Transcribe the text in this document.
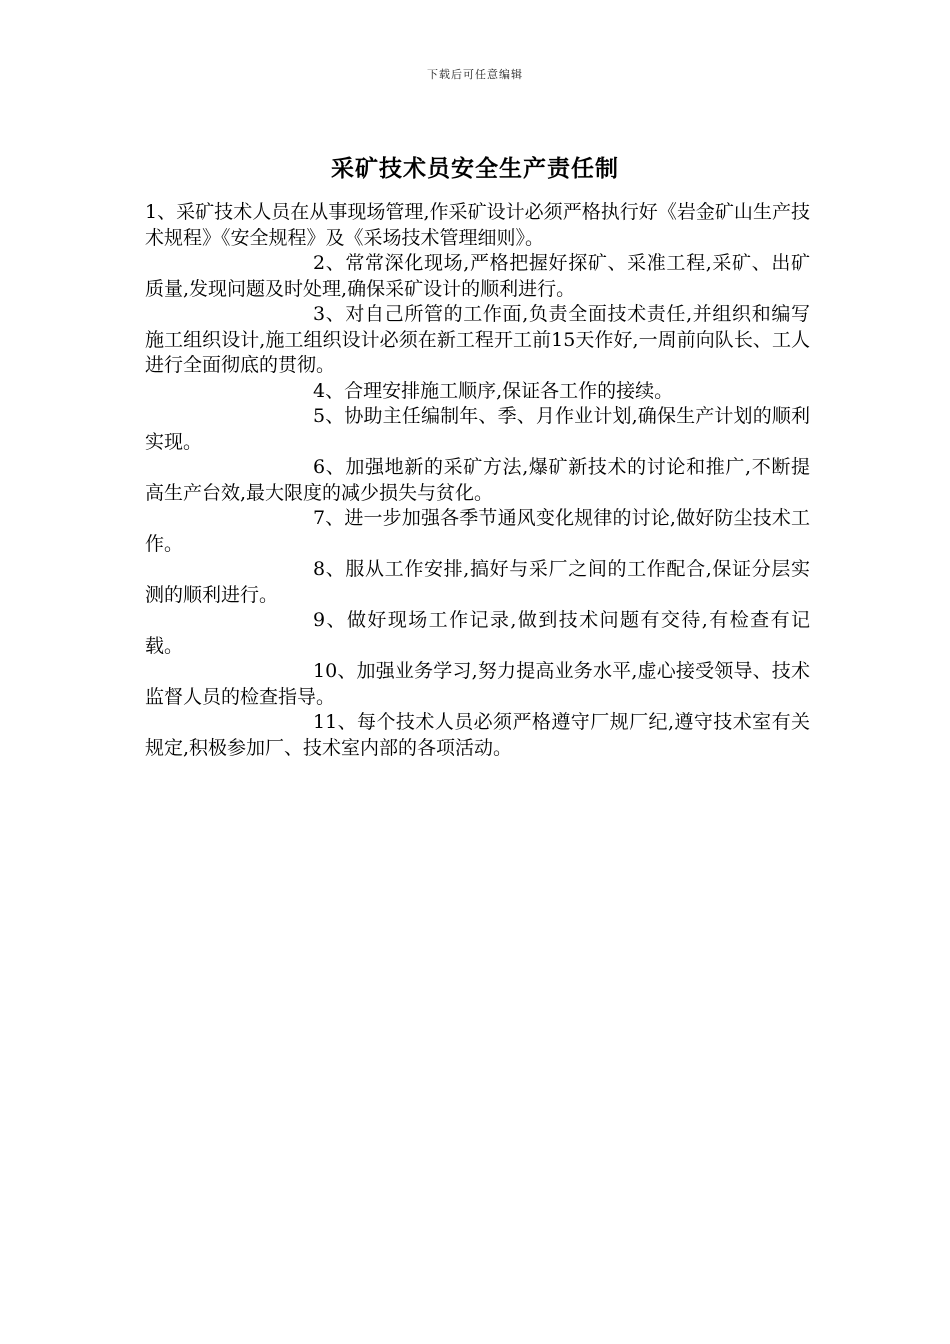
下载后可任意编辑
采矿技术员安全生产责任制

1、采矿技术人员在从事现场管理,作采矿设计必须严格执行好《岩金矿山生产技术规程》《安全规程》及《采场技术管理细则》。

2、常常深化现场,严格把握好探矿、采准工程,采矿、出矿质量,发现问题及时处理,确保采矿设计的顺利进行。

3、对自己所管的工作面,负责全面技术责任,并组织和编写施工组织设计,施工组织设计必须在新工程开工前15天作好,一周前向队长、工人进行全面彻底的贯彻。

4、合理安排施工顺序,保证各工作的接续。

5、协助主任编制年、季、月作业计划,确保生产计划的顺利实现。

6、加强地新的采矿方法,爆矿新技术的讨论和推广,不断提高生产台效,最大限度的减少损失与贫化。

7、进一步加强各季节通风变化规律的讨论,做好防尘技术工作。

8、服从工作安排,搞好与采厂之间的工作配合,保证分层实测的顺利进行。

9、做好现场工作记录,做到技术问题有交待,有检查有记载。

10、加强业务学习,努力提高业务水平,虚心接受领导、技术监督人员的检查指导。

11、每个技术人员必须严格遵守厂规厂纪,遵守技术室有关规定,积极参加厂、技术室内部的各项活动。
